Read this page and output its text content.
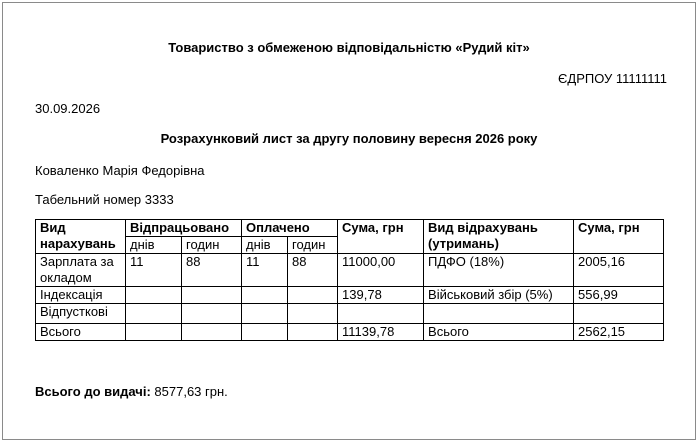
Товариство з обмеженою відповідальністю «Рудий кіт»
ЄДРПОУ 11111111
30.09.2026
Розрахунковий лист за другу половину вересня 2026 року
Коваленко Марія Федорівна
Табельний номер 3333
Вид нарахувань	Відпрацьовано		Оплачено		Сума, грн	Вид відрахувань (утримань)	Сума, грн
	днів	годин	днів	годин			
Зарплата за окладом	11	88	11	88	11000,00	ПДФО (18%)	2005,16
Індексація					139,78	Військовий збір (5%)	556,99
Відпусткові							
Всього					11139,78	Всього	2562,15
Всього до видачі: 8577,63 грн.
